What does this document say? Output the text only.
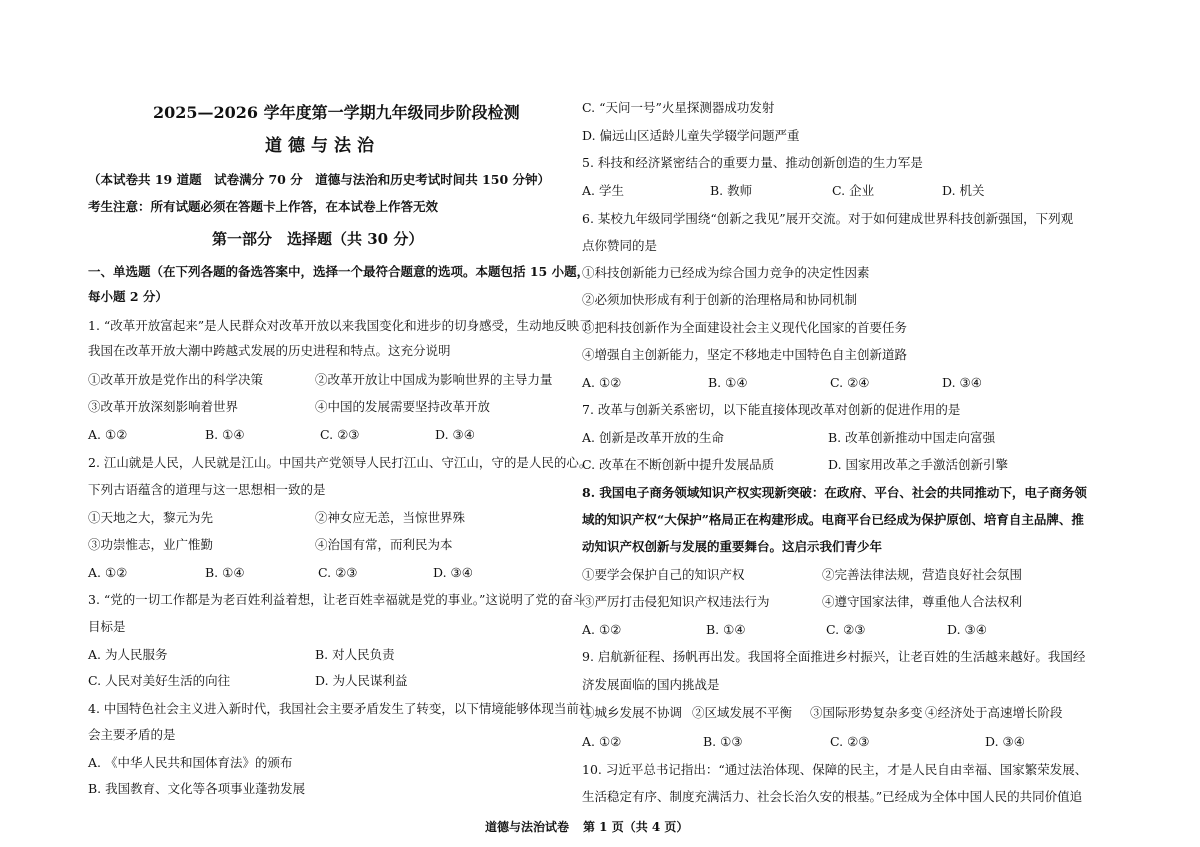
2025—2026 学年度第一学期九年级同步阶段检测
道德与法治
（本试卷共 19 道题　试卷满分 70 分　道德与法治和历史考试时间共 150 分钟）
考生注意：所有试题必须在答题卡上作答，在本试卷上作答无效
第一部分　选择题（共 30 分）
一、单选题（在下列各题的备选答案中，选择一个最符合题意的选项。本题包括 15 小题，
每小题 2 分）
1. “改革开放富起来”是人民群众对改革开放以来我国变化和进步的切身感受，生动地反映了
我国在改革开放大潮中跨越式发展的历史进程和特点。这充分说明
①改革开放是党作出的科学决策	②改革开放让中国成为影响世界的主导力量
③改革开放深刻影响着世界	④中国的发展需要坚持改革开放
A. ①②	B. ①④	C. ②③	D. ③④
2. 江山就是人民，人民就是江山。中国共产党领导人民打江山、守江山，守的是人民的心。
下列古语蕴含的道理与这一思想相一致的是
①天地之大，黎元为先	②神女应无恙，当惊世界殊
③功崇惟志，业广惟勤	④治国有常，而利民为本
A. ①②	B. ①④	C. ②③	D. ③④
3. “党的一切工作都是为老百姓利益着想，让老百姓幸福就是党的事业。”这说明了党的奋斗
目标是
A. 为人民服务	B. 对人民负责
C. 人民对美好生活的向往	D. 为人民谋利益
4. 中国特色社会主义进入新时代，我国社会主要矛盾发生了转变，以下情境能够体现当前社
会主要矛盾的是
A. 《中华人民共和国体育法》的颁布
B. 我国教育、文化等各项事业蓬勃发展
C. “天问一号”火星探测器成功发射
D. 偏远山区适龄儿童失学辍学问题严重
5. 科技和经济紧密结合的重要力量、推动创新创造的生力军是
A. 学生	B. 教师	C. 企业	D. 机关
6. 某校九年级同学围绕“创新之我见”展开交流。对于如何建成世界科技创新强国，下列观
点你赞同的是
①科技创新能力已经成为综合国力竞争的决定性因素
②必须加快形成有利于创新的治理格局和协同机制
③把科技创新作为全面建设社会主义现代化国家的首要任务
④增强自主创新能力，坚定不移地走中国特色自主创新道路
A. ①②	B. ①④	C. ②④	D. ③④
7. 改革与创新关系密切，以下能直接体现改革对创新的促进作用的是
A. 创新是改革开放的生命	B. 改革创新推动中国走向富强
C. 改革在不断创新中提升发展品质	D. 国家用改革之手激活创新引擎
8. 我国电子商务领域知识产权实现新突破：在政府、平台、社会的共同推动下，电子商务领
域的知识产权“大保护”格局正在构建形成。电商平台已经成为保护原创、培育自主品牌、推
动知识产权创新与发展的重要舞台。这启示我们青少年
①要学会保护自己的知识产权	②完善法律法规，营造良好社会氛围
③严厉打击侵犯知识产权违法行为	④遵守国家法律，尊重他人合法权利
A. ①②	B. ①④	C. ②③	D. ③④
9. 启航新征程、扬帆再出发。我国将全面推进乡村振兴，让老百姓的生活越来越好。我国经
济发展面临的国内挑战是
①城乡发展不协调 ②区域发展不平衡 ③国际形势复杂多变 ④经济处于高速增长阶段
A. ①②	B. ①③	C. ②③	D. ③④
10. 习近平总书记指出：“通过法治体现、保障的民主，才是人民自由幸福、国家繁荣发展、
生活稳定有序、制度充满活力、社会长治久安的根基。”已经成为全体中国人民的共同价值追
道德与法治试卷 第 1 页（共 4 页）
